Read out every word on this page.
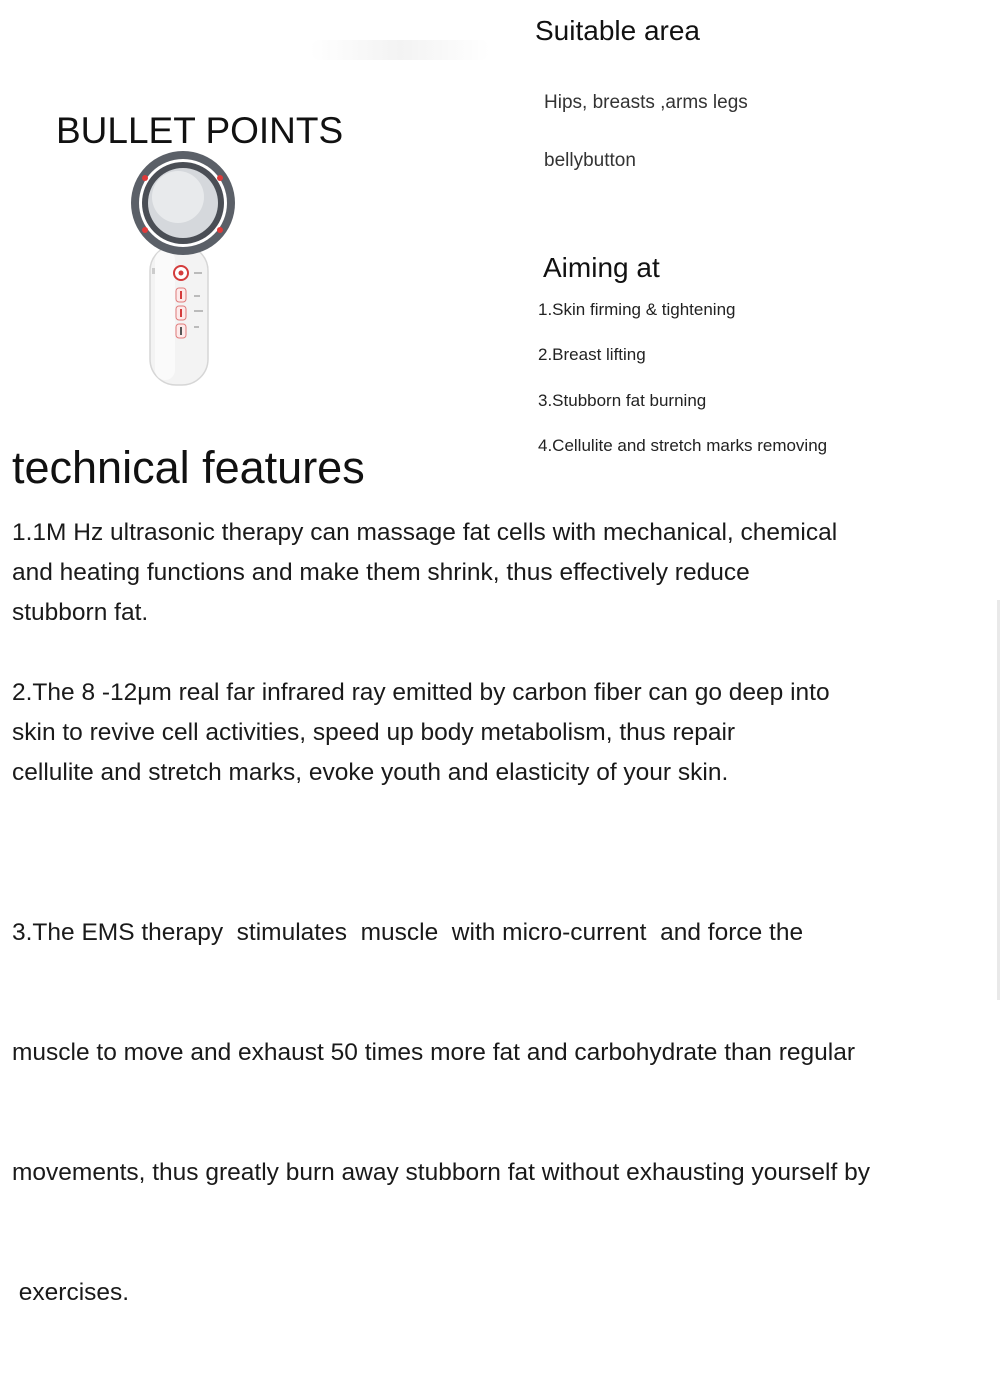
BULLET POINTS
Suitable area
Hips, breasts ,arms legs
bellybutton
Aiming at
1.Skin firming & tightening
2.Breast lifting
3.Stubborn fat burning
4.Cellulite and stretch marks removing
technical features
1.1M Hz ultrasonic therapy can massage fat cells with mechanical, chemical
and heating functions and make them shrink, thus effectively reduce
stubborn fat.
2.The 8 -12μm real far infrared ray emitted by carbon fiber can go deep into
skin to revive cell activities, speed up body metabolism, thus repair
cellulite and stretch marks, evoke youth and elasticity of your skin.

3.The EMS therapy  stimulates  muscle  with micro-current  and force the

muscle to move and exhaust 50 times more fat and carbohydrate than regular

movements, thus greatly burn away stubborn fat without exhausting yourself by

exercises.
